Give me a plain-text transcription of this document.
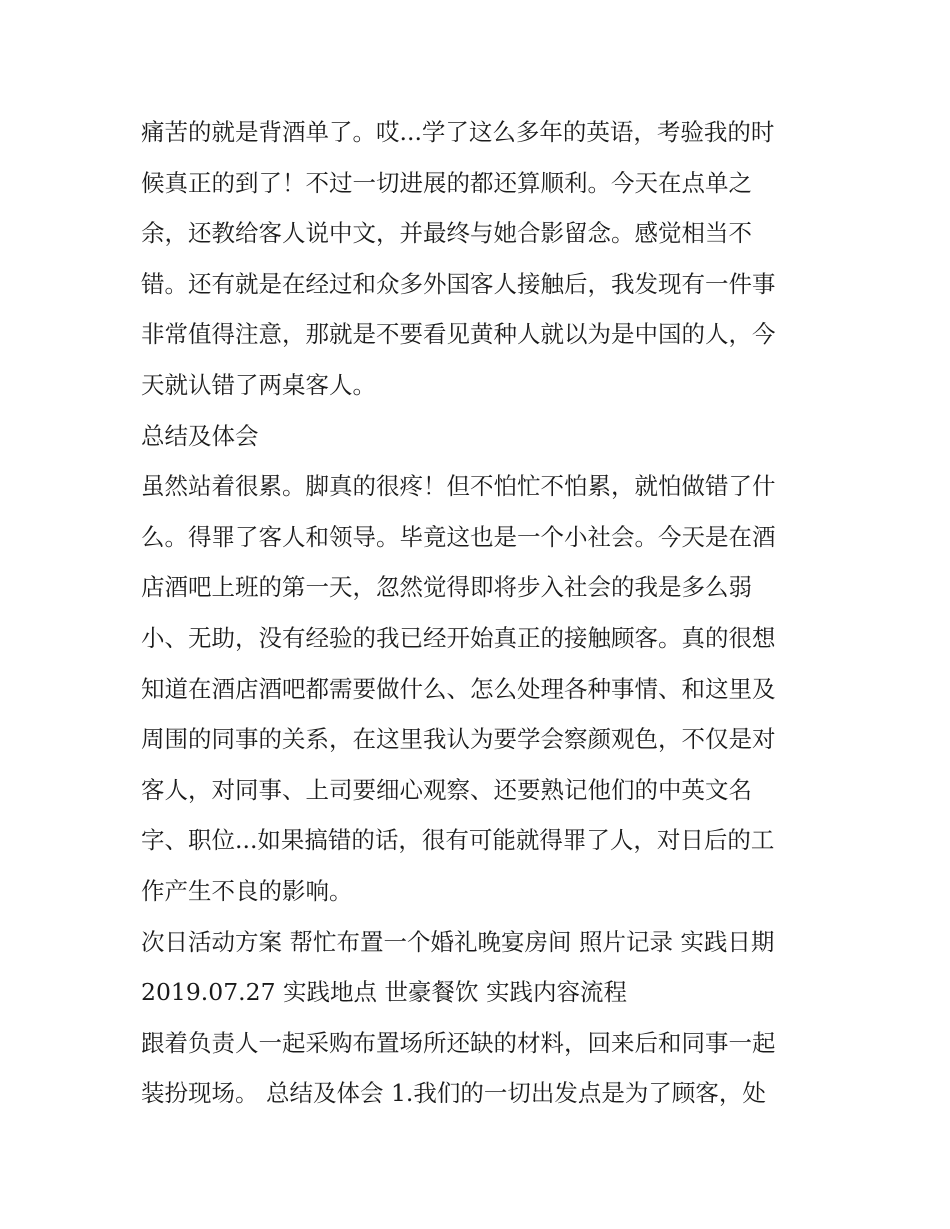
痛苦的就是背酒单了。哎...学了这么多年的英语，考验我的时

候真正的到了！不过一切进展的都还算顺利。今天在点单之

余，还教给客人说中文，并最终与她合影留念。感觉相当不

错。还有就是在经过和众多外国客人接触后，我发现有一件事

非常值得注意，那就是不要看见黄种人就以为是中国的人，今

天就认错了两桌客人。

总结及体会

虽然站着很累。脚真的很疼！但不怕忙不怕累，就怕做错了什

么。得罪了客人和领导。毕竟这也是一个小社会。今天是在酒

店酒吧上班的第一天，忽然觉得即将步入社会的我是多么弱

小、无助，没有经验的我已经开始真正的接触顾客。真的很想

知道在酒店酒吧都需要做什么、怎么处理各种事情、和这里及

周围的同事的关系，在这里我认为要学会察颜观色，不仅是对

客人，对同事、上司要细心观察、还要熟记他们的中英文名

字、职位...如果搞错的话，很有可能就得罪了人，对日后的工

作产生不良的影响。

次日活动方案 帮忙布置一个婚礼晚宴房间 照片记录 实践日期

2019.07.27 实践地点 世豪餐饮 实践内容流程

跟着负责人一起采购布置场所还缺的材料，回来后和同事一起

装扮现场。 总结及体会 1.我们的一切出发点是为了顾客，处
